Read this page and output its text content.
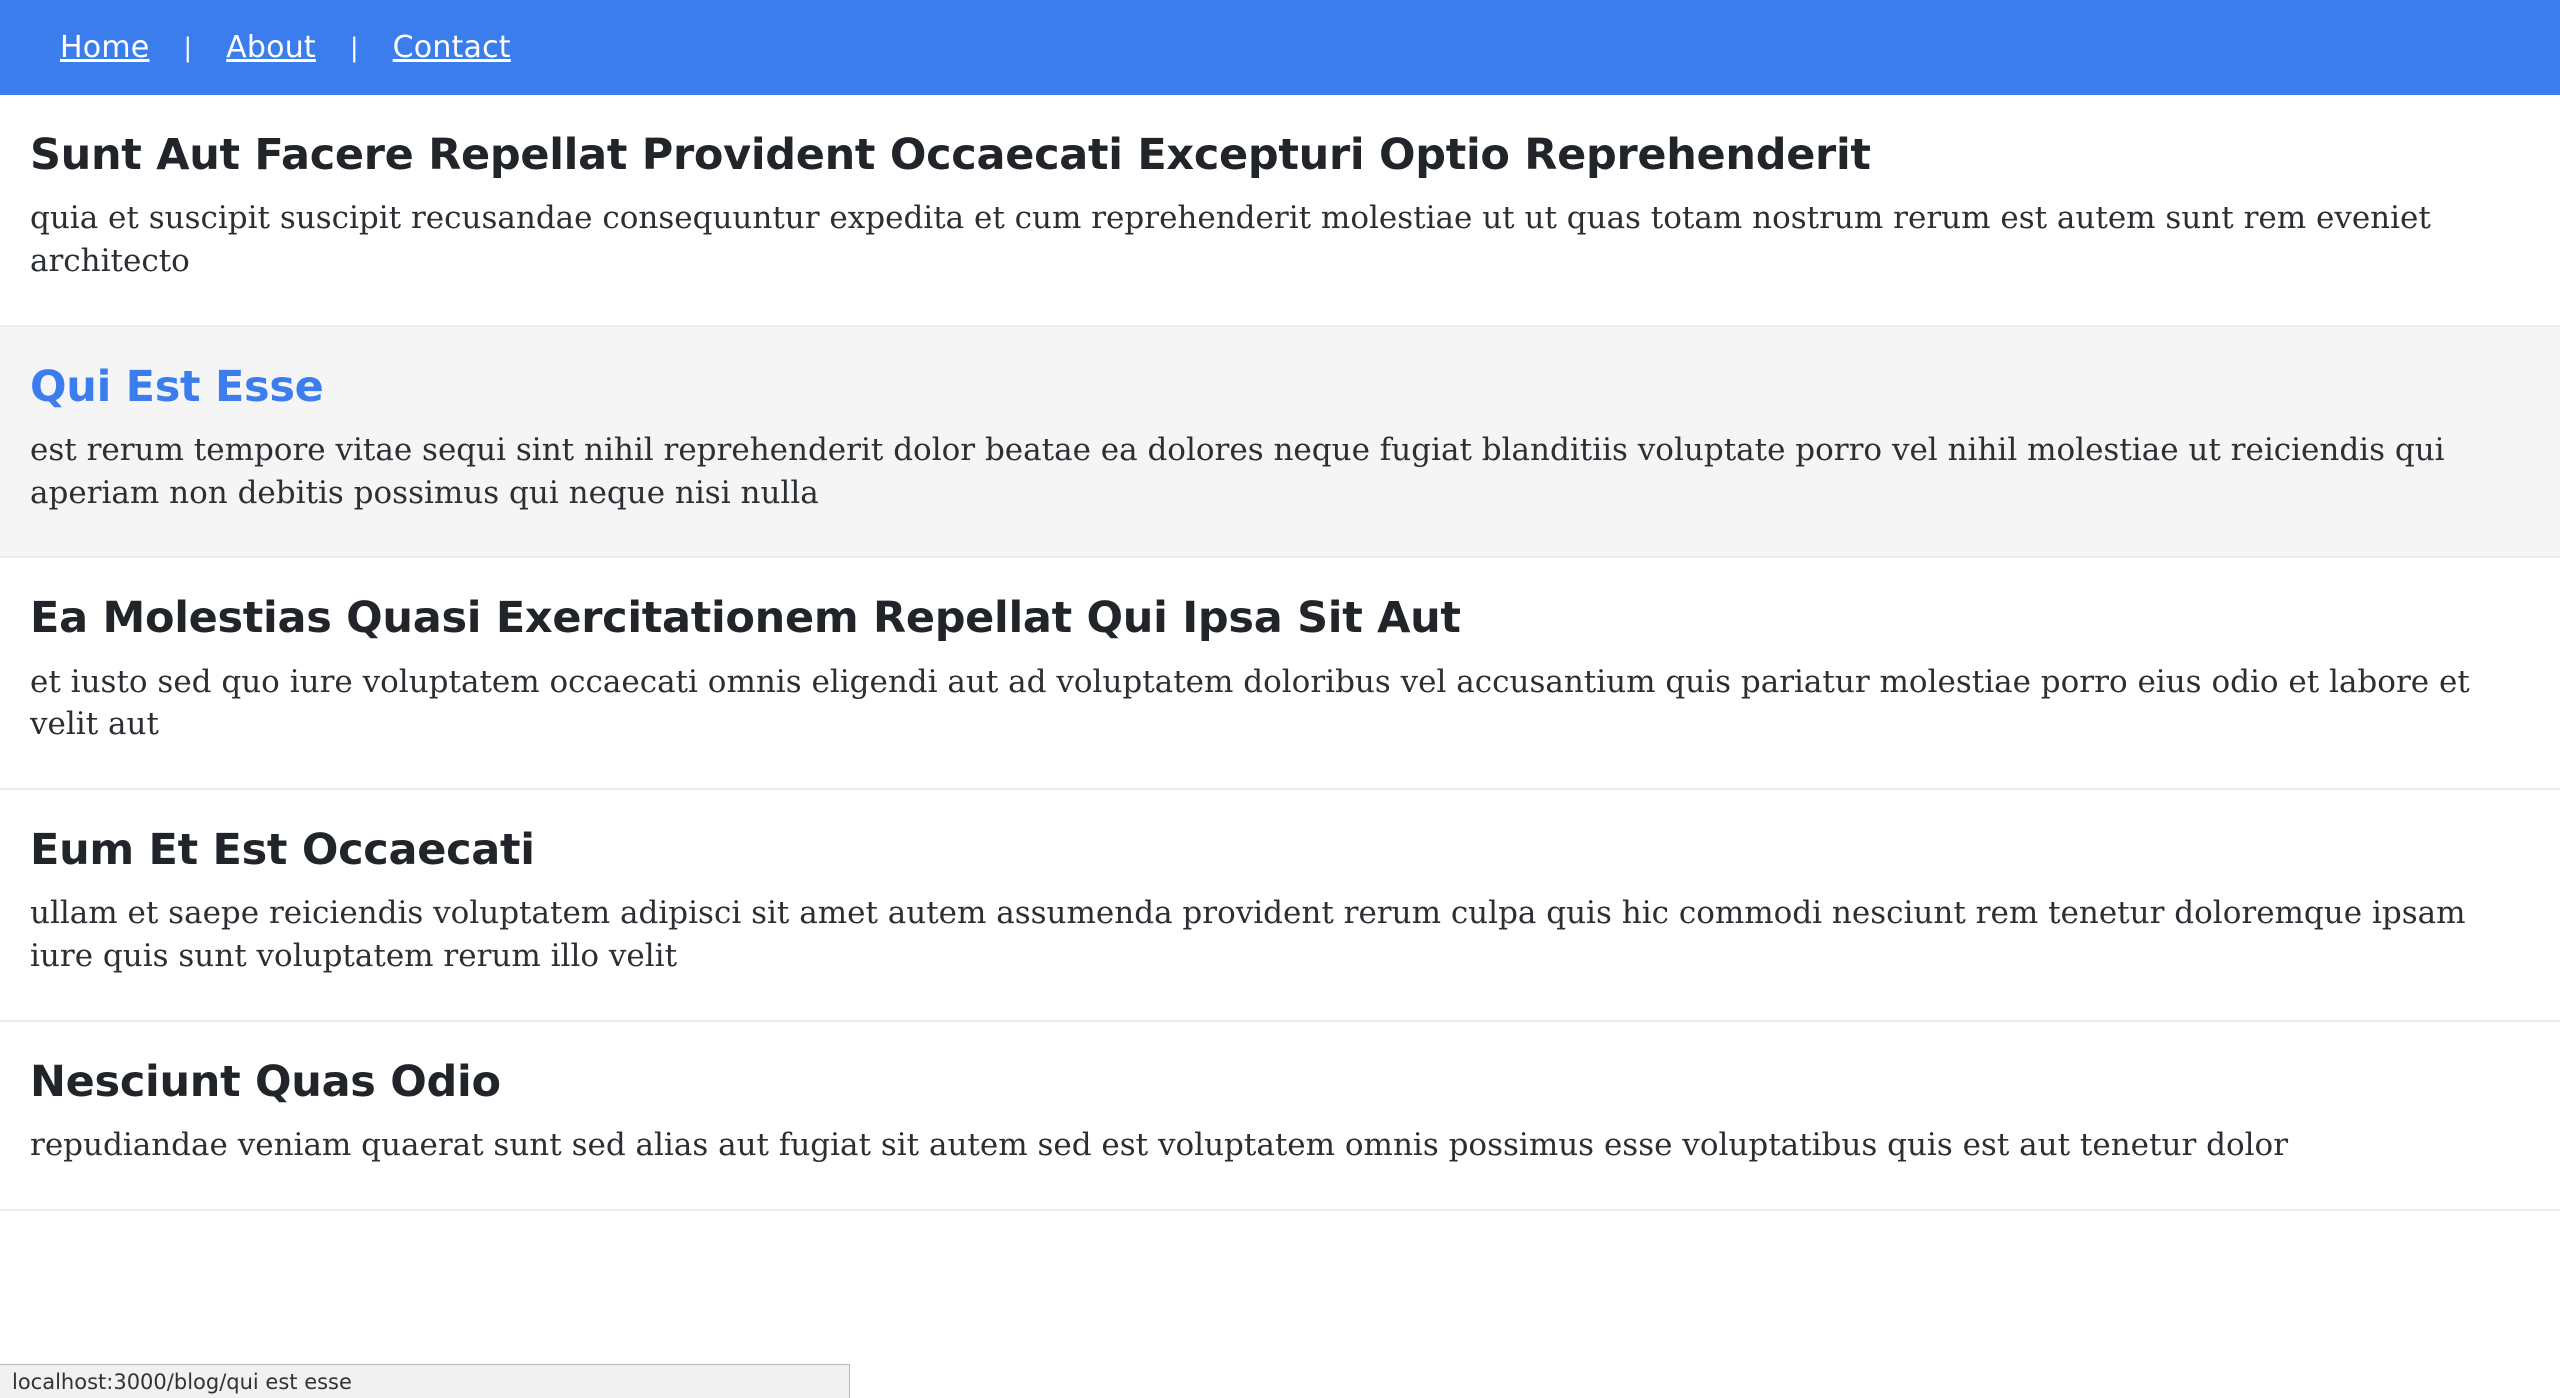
Home | About | Contact
Sunt Aut Facere Repellat Provident Occaecati Excepturi Optio Reprehenderit

quia et suscipit suscipit recusandae consequuntur expedita et cum reprehenderit molestiae ut ut quas totam nostrum rerum est autem sunt rem eveniet architecto

Qui Est Esse

est rerum tempore vitae sequi sint nihil reprehenderit dolor beatae ea dolores neque fugiat blanditiis voluptate porro vel nihil molestiae ut reiciendis qui aperiam non debitis possimus qui neque nisi nulla

Ea Molestias Quasi Exercitationem Repellat Qui Ipsa Sit Aut

et iusto sed quo iure voluptatem occaecati omnis eligendi aut ad voluptatem doloribus vel accusantium quis pariatur molestiae porro eius odio et labore et velit aut

Eum Et Est Occaecati

ullam et saepe reiciendis voluptatem adipisci sit amet autem assumenda provident rerum culpa quis hic commodi nesciunt rem tenetur doloremque ipsam iure quis sunt voluptatem rerum illo velit

Nesciunt Quas Odio

repudiandae veniam quaerat sunt sed alias aut fugiat sit autem sed est voluptatem omnis possimus esse voluptatibus quis est aut tenetur dolor

localhost:3000/blog/qui est esse
